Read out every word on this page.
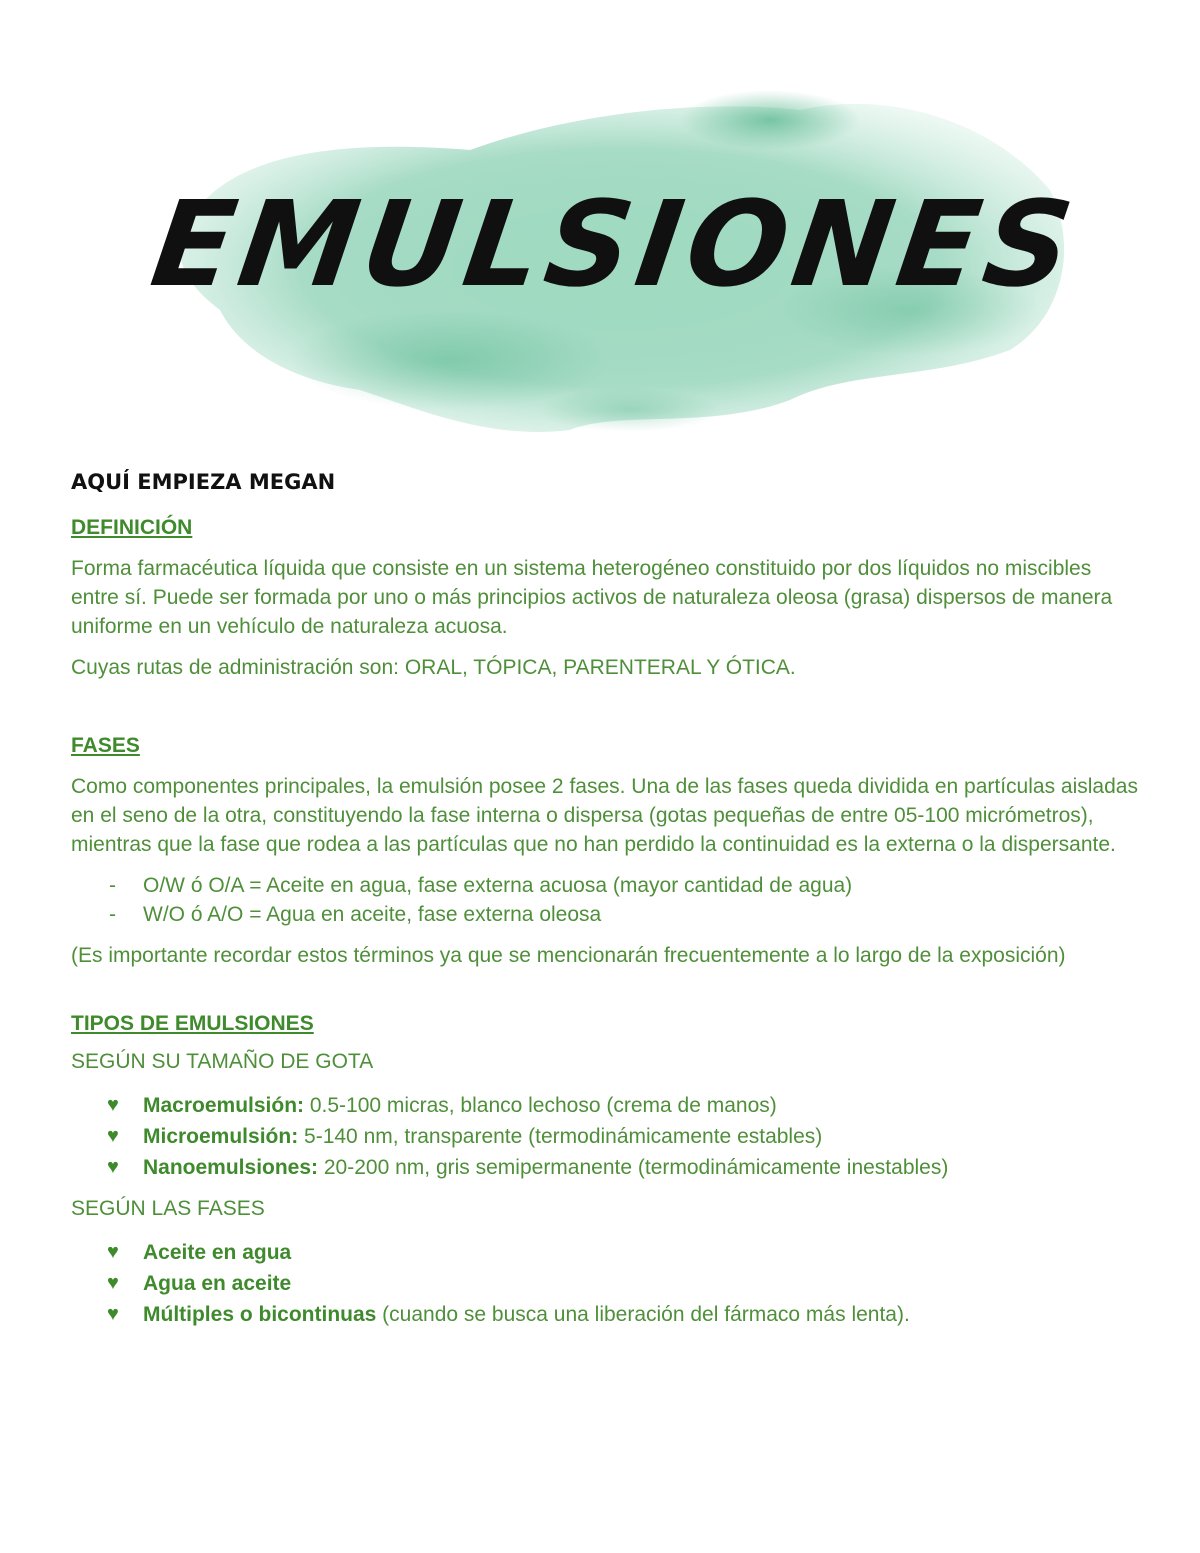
EMULSIONES
AQUÍ EMPIEZA MEGAN
DEFINICIÓN

Forma farmacéutica líquida que consiste en un sistema heterogéneo constituido por dos líquidos no miscibles entre sí. Puede ser formada por uno o más principios activos de naturaleza oleosa (grasa) dispersos de manera uniforme en un vehículo de naturaleza acuosa.

Cuyas rutas de administración son: ORAL, TÓPICA, PARENTERAL Y ÓTICA.

FASES

Como componentes principales, la emulsión posee 2 fases. Una de las fases queda dividida en partículas aisladas en el seno de la otra, constituyendo la fase interna o dispersa (gotas pequeñas de entre 05-100 micrómetros), mientras que la fase que rodea a las partículas que no han perdido la continuidad es la externa o la dispersante.

- O/W ó O/A = Aceite en agua, fase externa acuosa (mayor cantidad de agua)
- W/O ó A/O = Agua en aceite, fase externa oleosa

(Es importante recordar estos términos ya que se mencionarán frecuentemente a lo largo de la exposición)

TIPOS DE EMULSIONES
SEGÚN SU TAMAÑO DE GOTA
♥ Macroemulsión: 0.5-100 micras, blanco lechoso (crema de manos)
♥ Microemulsión: 5-140 nm, transparente (termodinámicamente estables)
♥ Nanoemulsiones: 20-200 nm, gris semipermanente (termodinámicamente inestables)
SEGÚN LAS FASES
♥ Aceite en agua
♥ Agua en aceite
♥ Múltiples o bicontinuas (cuando se busca una liberación del fármaco más lenta).
